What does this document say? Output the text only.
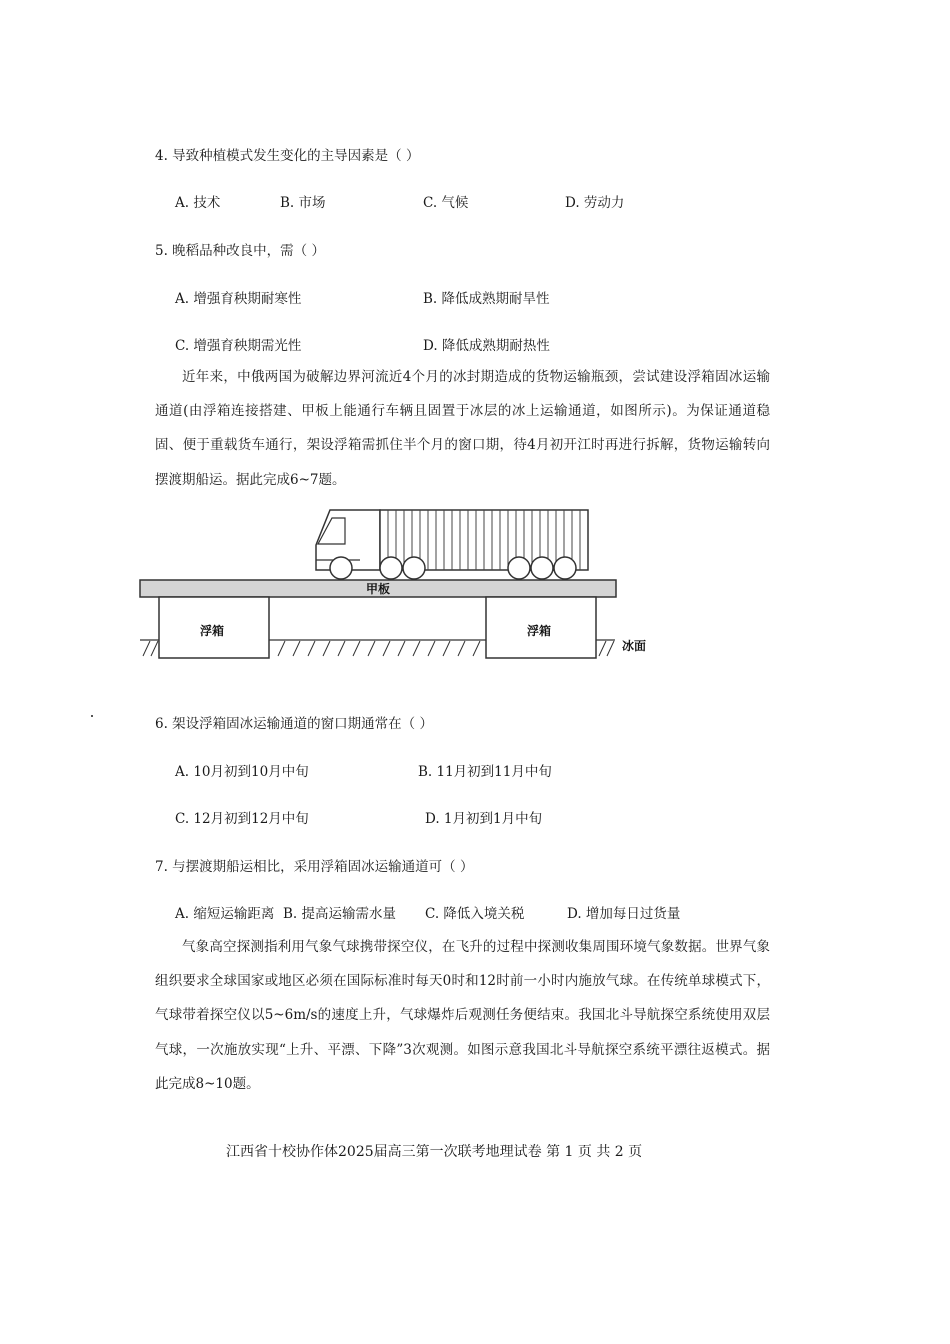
4. 导致种植模式发生变化的主导因素是（ ）
A. 技术	B. 市场	C. 气候	D. 劳动力
5. 晚稻品种改良中，需（ ）
A. 增强育秧期耐寒性	B. 降低成熟期耐旱性
C. 增强育秧期需光性	D. 降低成熟期耐热性
近年来，中俄两国为破解边界河流近4个月的冰封期造成的货物运输瓶颈，尝试建设浮箱固冰运输通道(由浮箱连接搭建、甲板上能通行车辆且固置于冰层的冰上运输通道，如图所示)。为保证通道稳固、便于重载货车通行，架设浮箱需抓住半个月的窗口期，待4月初开江时再进行拆解，货物运输转向摆渡期船运。据此完成6~7题。
甲板
浮箱	浮箱
冰面
6. 架设浮箱固冰运输通道的窗口期通常在（ ）
A. 10月初到10月中旬	B. 11月初到11月中旬
C. 12月初到12月中旬	D. 1月初到1月中旬
7. 与摆渡期船运相比，采用浮箱固冰运输通道可（ ）
A. 缩短运输距离 B. 提高运输需水量 C. 降低入境关税	D. 增加每日过货量
气象高空探测指利用气象气球携带探空仪，在飞升的过程中探测收集周围环境气象数据。世界气象组织要求全球国家或地区必须在国际标准时每天0时和12时前一小时内施放气球。在传统单球模式下，气球带着探空仪以5~6m/s的速度上升，气球爆炸后观测任务便结束。我国北斗导航探空系统使用双层气球，一次施放实现“上升、平漂、下降”3次观测。如图示意我国北斗导航探空系统平漂往返模式。据此完成8~10题。
江西省十校协作体2025届高三第一次联考地理试卷 第 1 页 共 2 页
